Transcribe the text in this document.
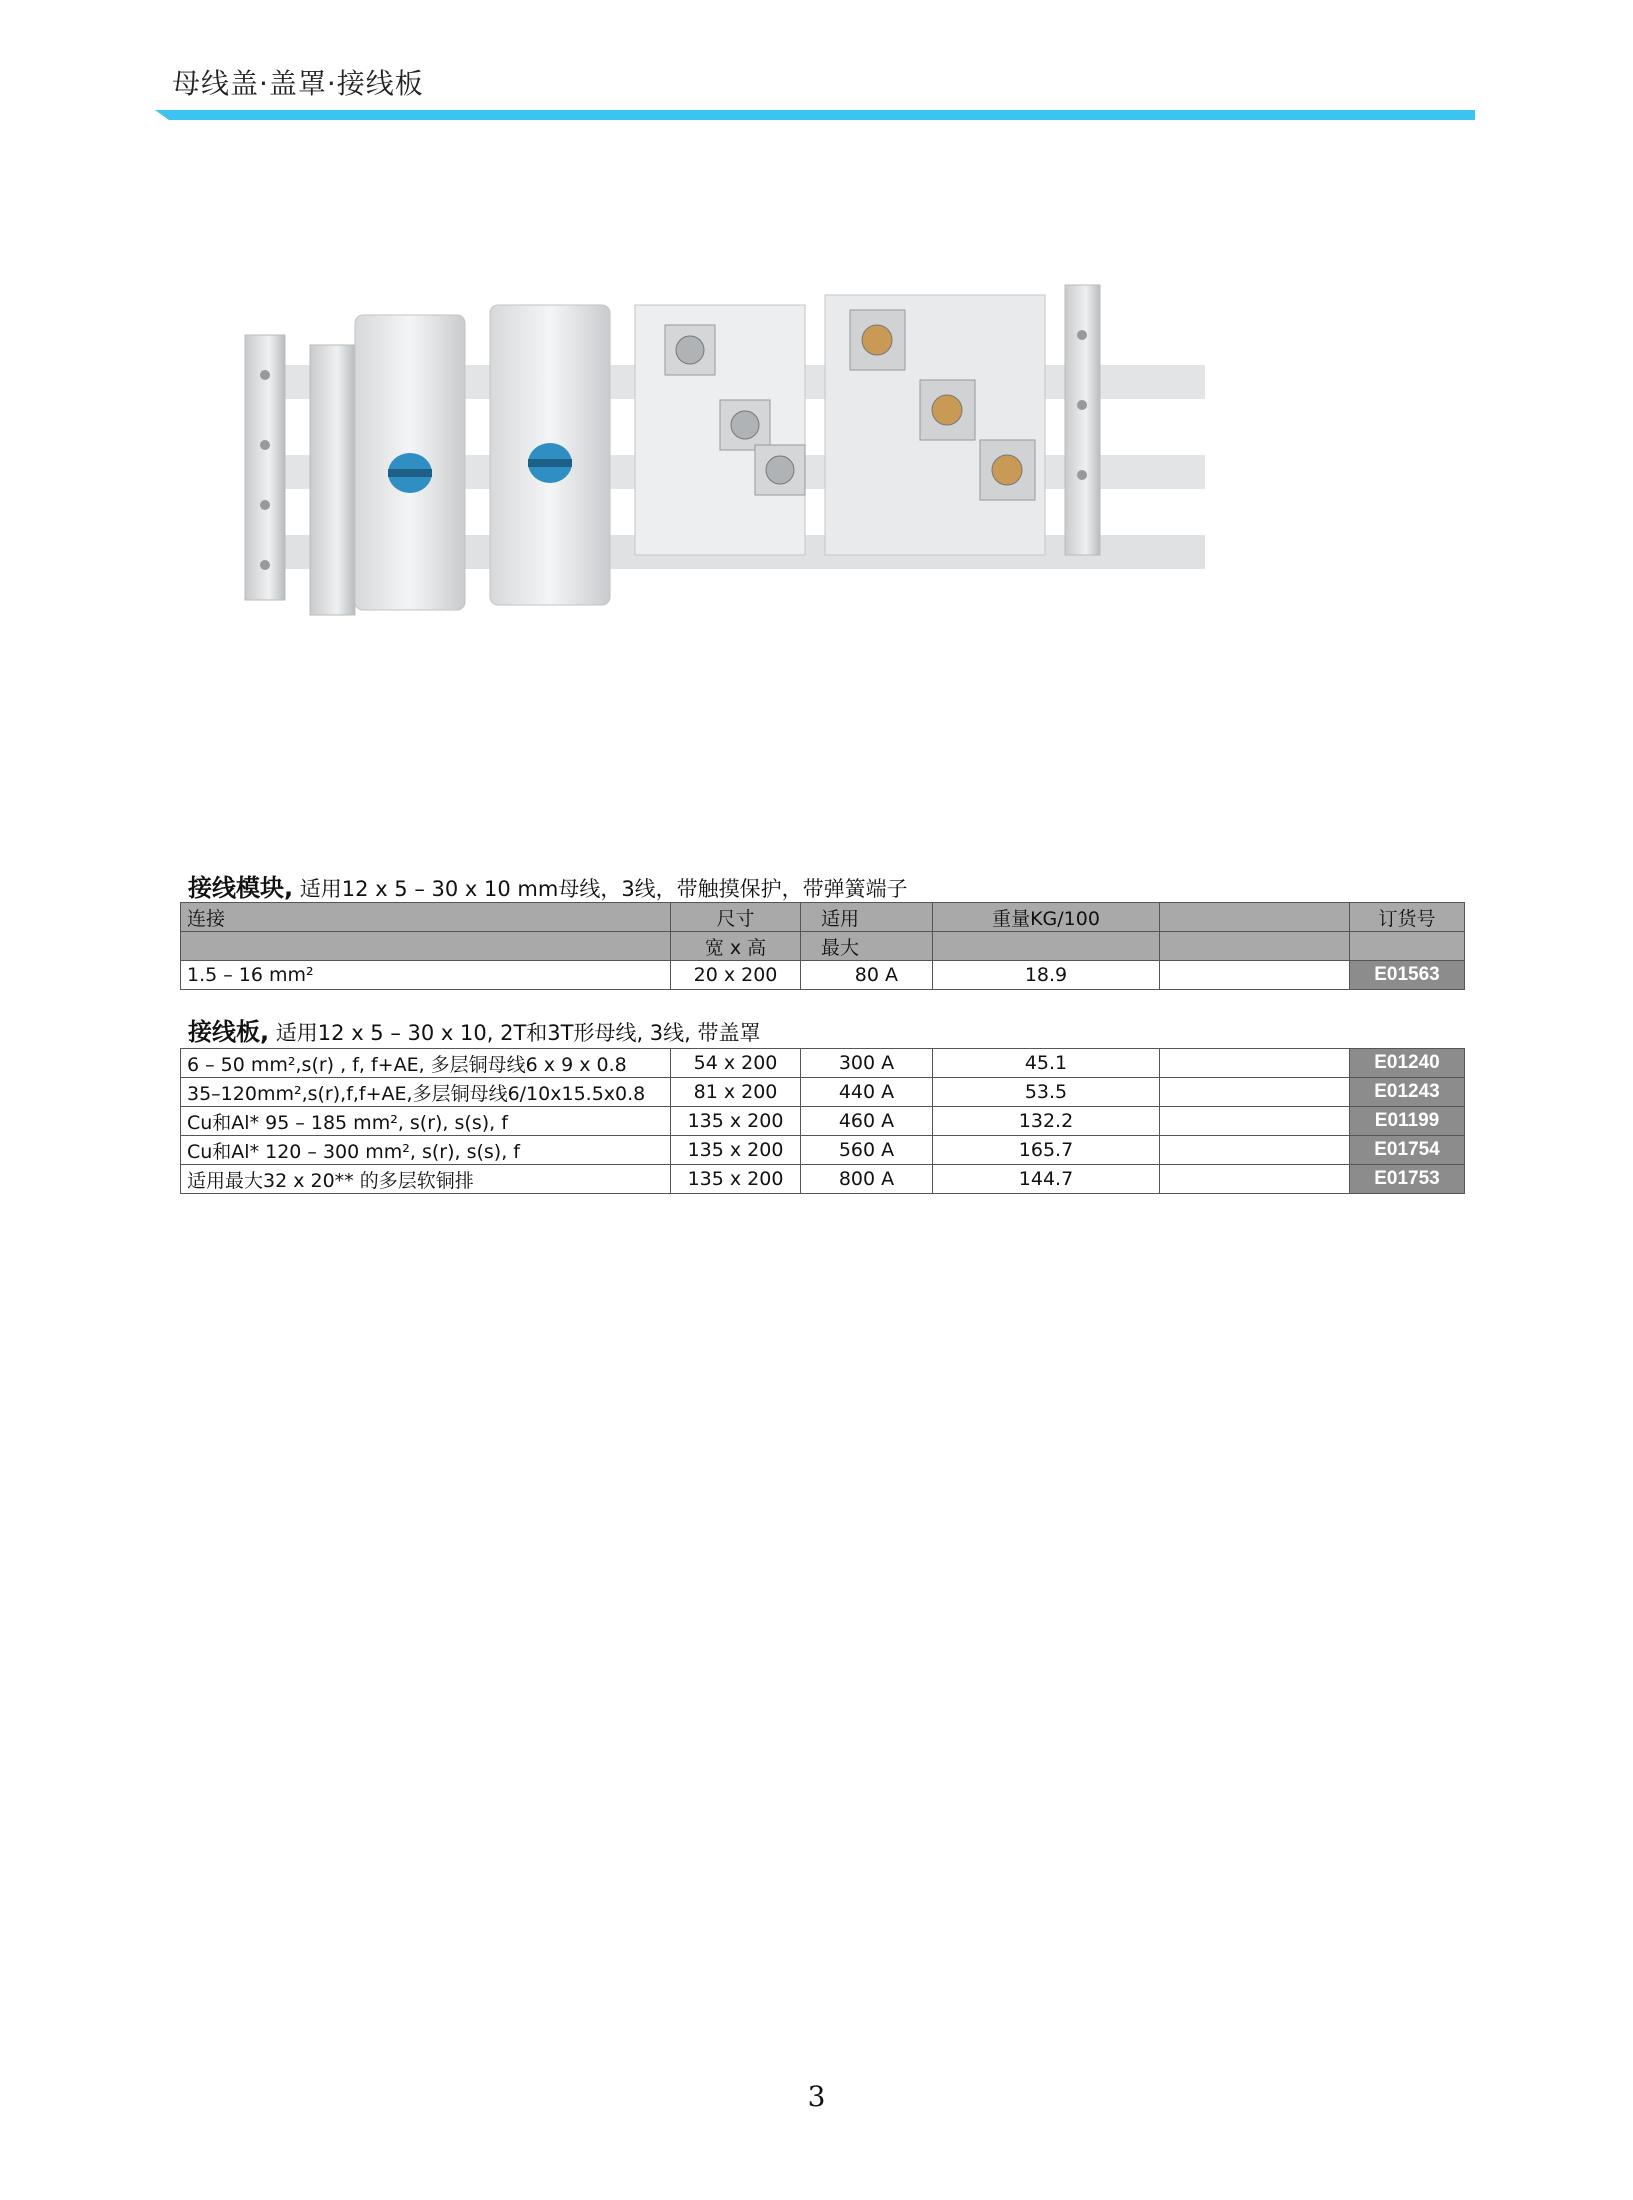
母线盖·盖罩·接线板
接线模块, 适用12 x 5 – 30 x 10 mm母线，3线，带触摸保护，带弹簧端子
连接	尺寸	适用	重量KG/100		订货号
	宽 x 高	最大			
1.5 – 16 mm²	20 x 200	80 A	18.9		E01563
接线板, 适用12 x 5 – 30 x 10, 2T和3T形母线, 3线, 带盖罩
6 – 50 mm²,s(r) , f, f+AE, 多层铜母线6 x 9 x 0.8	54 x 200	300 A	45.1		E01240
35–120mm²,s(r),f,f+AE,多层铜母线6/10x15.5x0.8	81 x 200	440 A	53.5		E01243
Cu和Al* 95 – 185 mm², s(r), s(s), f	135 x 200	460 A	132.2		E01199
Cu和Al* 120 – 300 mm², s(r), s(s), f	135 x 200	560 A	165.7		E01754
适用最大32 x 20** 的多层软铜排	135 x 200	800 A	144.7		E01753
3
